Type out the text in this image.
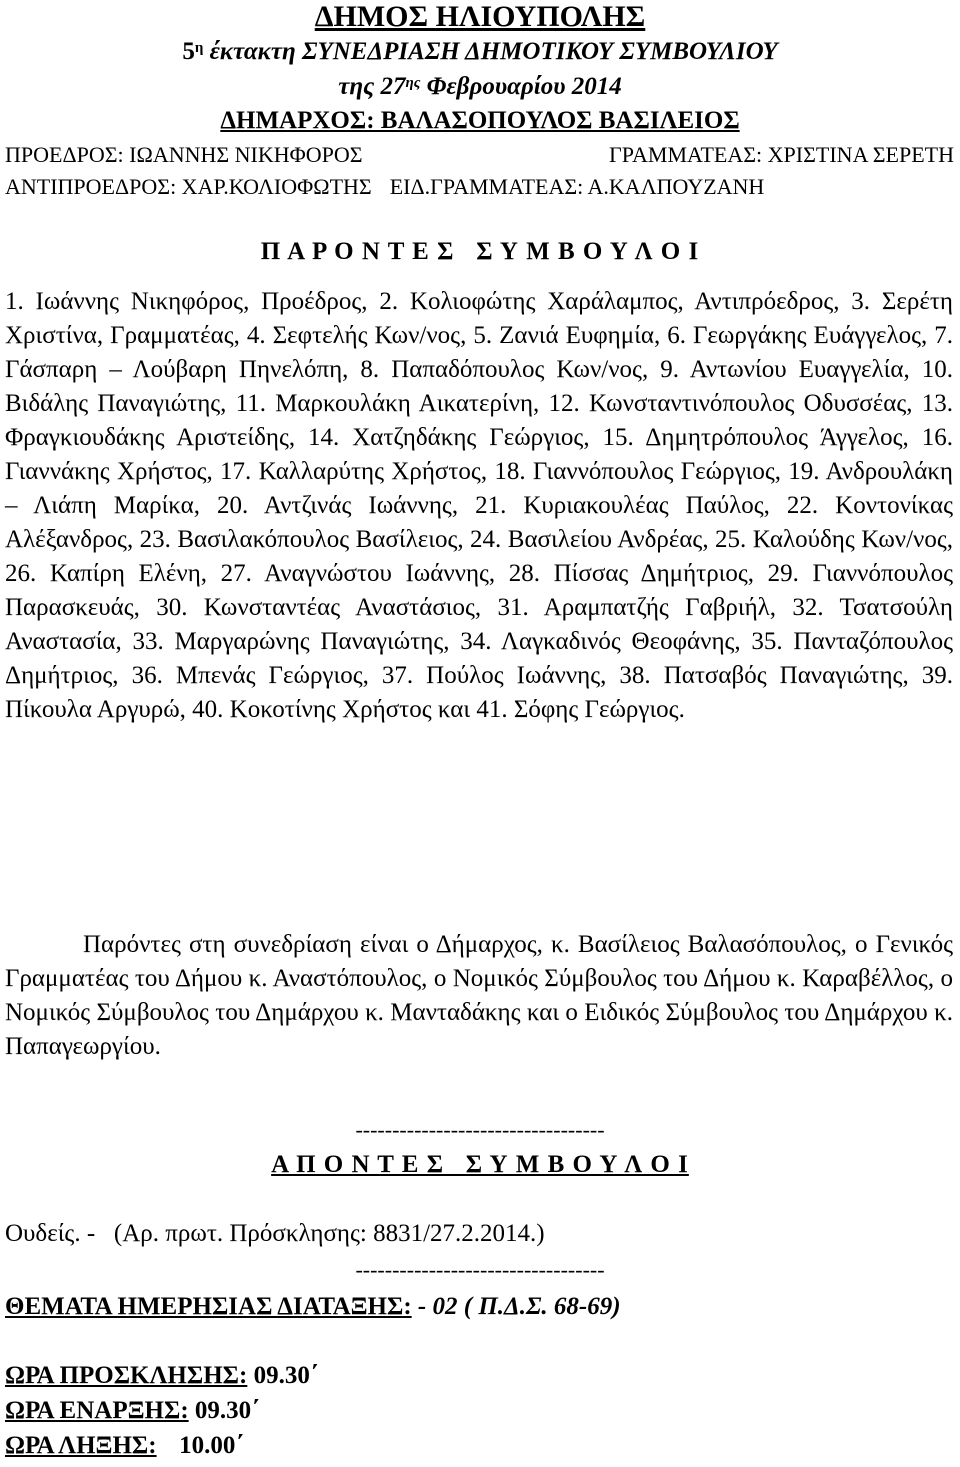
ΔΗΜΟΣ ΗΛΙΟΥΠΟΛΗΣ
$5^\eta$ έκτακτη ΣΥΝΕΔΡΙΑΣΗ ΔΗΜΟΤΙΚΟΥ ΣΥΜΒΟΥΛΙΟΥ
της $27^{\eta\varsigma}$ Φεβρουαρίου 2014
ΔΗΜΑΡΧΟΣ: ΒΑΛΑΣΟΠΟΥΛΟΣ ΒΑΣΙΛΕΙΟΣ
ΠΡΟΕΔΡΟΣ: ΙΩΑΝΝΗΣ ΝΙΚΗΦΟΡΟΣ	ΓΡΑΜΜΑΤΕΑΣ: ΧΡΙΣΤΙΝΑ ΣΕΡΕΤΗ
ΑΝΤΙΠΡΟΕΔΡΟΣ: ΧΑΡ.ΚΟΛΙΟΦΩΤΗΣ ΕΙΔ.ΓΡΑΜΜΑΤΕΑΣ: Α.ΚΑΛΠΟΥΖΑΝΗ
Π Α Ρ Ο Ν Τ Ε Σ   Σ Υ Μ Β Ο Υ Λ Ο Ι
1. Ιωάννης Νικηφόρος, Προέδρος, 2. Κολιοφώτης Χαράλαμπος, Αντιπρόεδρος, 3. Σερέτη Χριστίνα, Γραμματέας, 4. Σεφτελής Κων/νος, 5. Ζανιά Ευφημία, 6. Γεωργάκης Ευάγγελος, 7. Γάσπαρη – Λούβαρη Πηνελόπη, 8. Παπαδόπουλος Κων/νος, 9. Αντωνίου Ευαγγελία, 10. Βιδάλης Παναγιώτης, 11. Μαρκουλάκη Αικατερίνη, 12. Κωνσταντινόπουλος Οδυσσέας, 13. Φραγκιουδάκης Αριστείδης, 14. Χατζηδάκης Γεώργιος, 15. Δημητρόπουλος Άγγελος, 16. Γιαννάκης Χρήστος, 17. Καλλαρύτης Χρήστος, 18. Γιαννόπουλος Γεώργιος, 19. Ανδρουλάκη – Λιάπη Μαρίκα, 20. Αντζινάς Ιωάννης, 21. Κυριακουλέας Παύλος, 22. Κοντονίκας Αλέξανδρος, 23. Βασιλακόπουλος Βασίλειος, 24. Βασιλείου Ανδρέας, 25. Καλούδης Κων/νος, 26. Καπίρη Ελένη, 27. Αναγνώστου Ιωάννης, 28. Πίσσας Δημήτριος, 29. Γιαννόπουλος Παρασκευάς, 30. Κωνσταντέας Αναστάσιος, 31. Αραμπατζής Γαβριήλ, 32. Τσατσούλη Αναστασία, 33. Μαργαρώνης Παναγιώτης, 34. Λαγκαδινός Θεοφάνης, 35. Πανταζόπουλος Δημήτριος, 36. Μπενάς Γεώργιος, 37. Πούλος Ιωάννης, 38. Πατσαβός Παναγιώτης, 39. Πίκουλα Αργυρώ, 40. Κοκοτίνης Χρήστος και 41. Σόφης Γεώργιος.
Παρόντες στη συνεδρίαση είναι ο Δήμαρχος, κ. Βασίλειος Βαλασόπουλος, ο Γενικός Γραμματέας του Δήμου κ. Αναστόπουλος, ο Νομικός Σύμβουλος του Δήμου κ. Καραβέλλος, ο Νομικός Σύμβουλος του Δημάρχου κ. Μανταδάκης και ο Ειδικός Σύμβουλος του Δημάρχου κ. Παπαγεωργίου.
----------------------------------
Α Π Ο Ν Τ Ε Σ   Σ Υ Μ Β Ο Υ Λ Ο Ι
Ουδείς. -   (Αρ. πρωτ. Πρόσκλησης: 8831/27.2.2014.)
----------------------------------
ΘΕΜΑΤΑ ΗΜΕΡΗΣΙΑΣ ΔΙΑΤΑΞΗΣ: - 02 ( Π.Δ.Σ. 68-69)
ΩΡΑ ΠΡΟΣΚΛΗΣΗΣ: 09.30΄
ΩΡΑ ΕΝΑΡΞΗΣ: 09.30΄
ΩΡΑ ΛΗΞΗΣ: 10.00΄
